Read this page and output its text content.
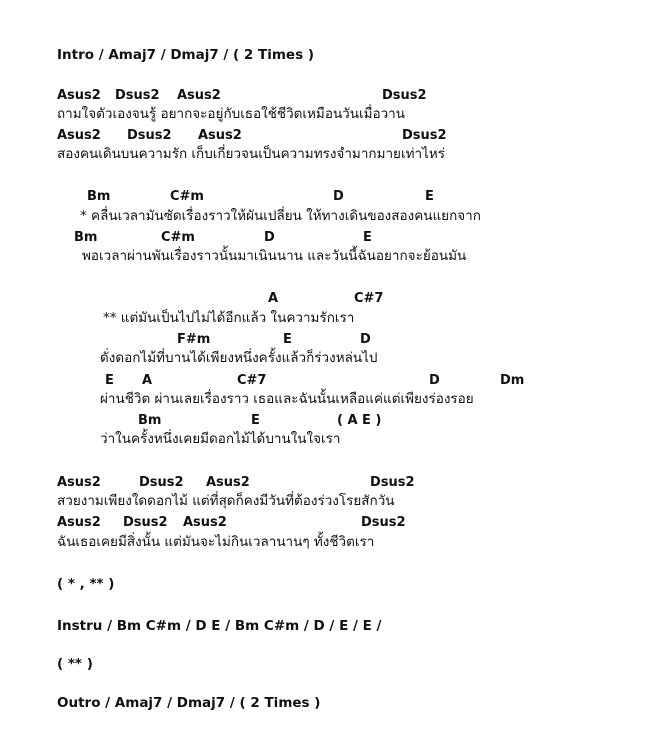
Intro / Amaj7 / Dmaj7 / ( 2 Times )
Asus2 Dsus2 Asus2	Dsus2
ถามใจตัวเองจนรู้ อยากจะอยู่กับเธอใช้ชีวิตเหมือนวันเมื่อวาน
Asus2 Dsus2 Asus2	Dsus2
สองคนเดินบนความรัก เก็บเกี่ยวจนเป็นความทรงจำมากมายเท่าไหร่
Bm	C#m	D	E
* คลื่นเวลามันซัดเรื่องราวให้ผันเปลี่ยน ให้ทางเดินของสองคนแยกจาก
Bm	C#m	D	E
พอเวลาผ่านพันเรื่องราวนั้นมาเนินนาน และวันนี้ฉันอยากจะย้อนมัน
A	C#7
** แต่มันเป็นไปไม่ได้อีกแล้ว ในความรักเรา
F#m	E	D
ดั่งดอกไม้ที่บานได้เพียงหนึ่งครั้งแล้วก็ร่วงหล่นไป
E A	C#7	D	Dm
ผ่านชีวิต ผ่านเลยเรื่องราว เธอและฉันนั้นเหลือแค่แต่เพียงร่องรอย
Bm	E	( A E )
ว่าในครั้งหนึ่งเคยมีดอกไม้ได้บานในใจเรา
Asus2	Dsus2 Asus2	Dsus2
สวยงามเพียงใดดอกไม้ แต่ที่สุดก็คงมีวันที่ต้องร่วงโรยสักวัน
Asus2 Dsus2 Asus2	Dsus2
ฉันเธอเคยมีสิ่งนั้น แต่มันจะไม่กินเวลานานๆ ทั้งชีวิตเรา
( * , ** )
Instru / Bm C#m / D E / Bm C#m / D / E / E /
( ** )
Outro / Amaj7 / Dmaj7 / ( 2 Times )
